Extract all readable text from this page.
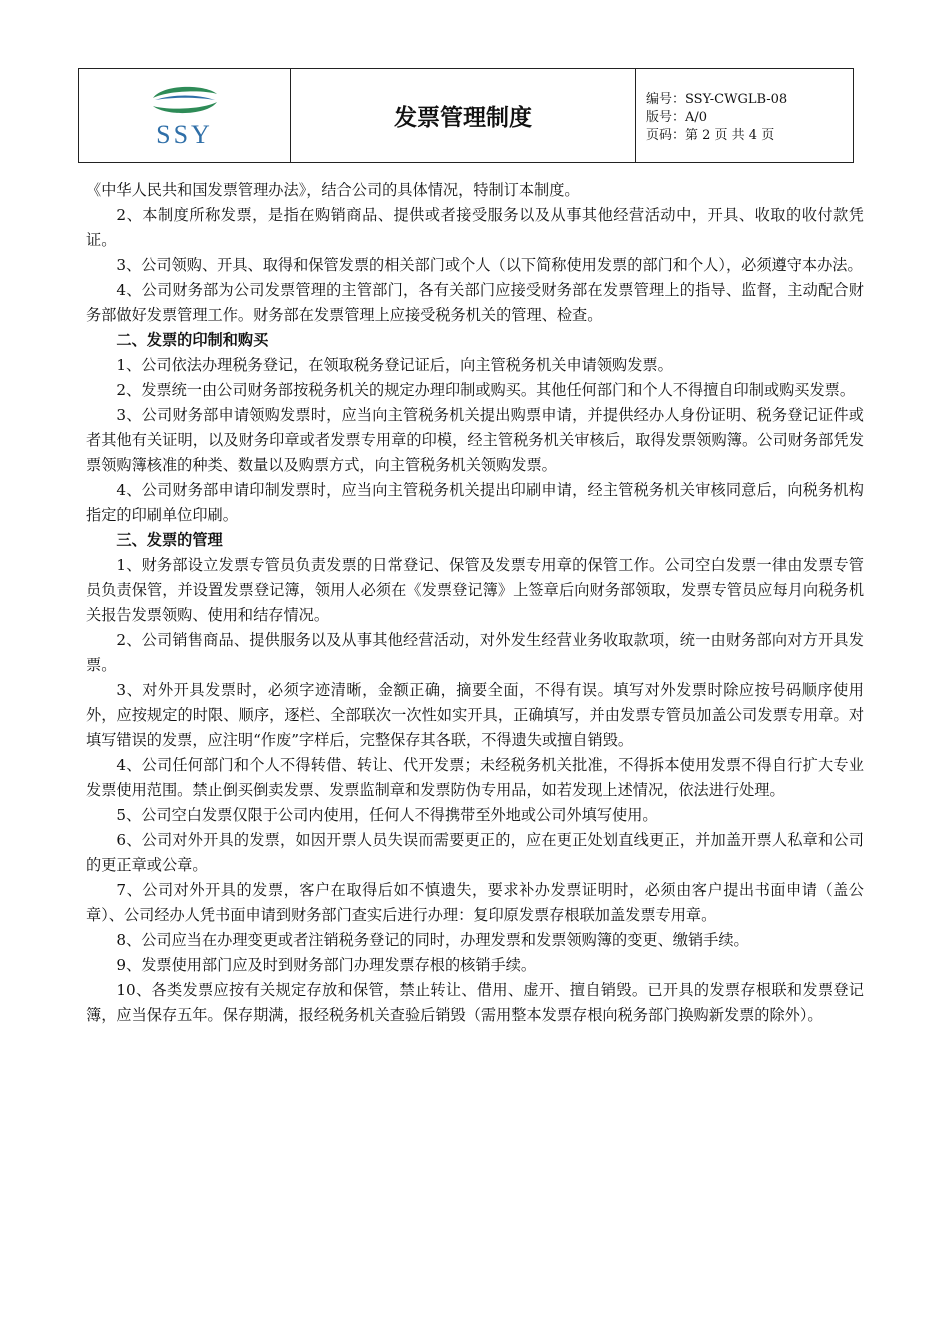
SSY
发票管理制度
编号：SSY-CWGLB-08
版号：A/0
页码：第 2 页 共 4 页

《中华人民共和国发票管理办法》，结合公司的具体情况，特制订本制度。

2、本制度所称发票，是指在购销商品、提供或者接受服务以及从事其他经营活动中，开具、收取的收付款凭证。

3、公司领购、开具、取得和保管发票的相关部门或个人（以下简称使用发票的部门和个人），必须遵守本办法。

4、公司财务部为公司发票管理的主管部门，各有关部门应接受财务部在发票管理上的指导、监督，主动配合财务部做好发票管理工作。财务部在发票管理上应接受税务机关的管理、检查。

二、发票的印制和购买

1、公司依法办理税务登记，在领取税务登记证后，向主管税务机关申请领购发票。

2、发票统一由公司财务部按税务机关的规定办理印制或购买。其他任何部门和个人不得擅自印制或购买发票。

3、公司财务部申请领购发票时，应当向主管税务机关提出购票申请，并提供经办人身份证明、税务登记证件或者其他有关证明，以及财务印章或者发票专用章的印模，经主管税务机关审核后，取得发票领购簿。公司财务部凭发票领购簿核准的种类、数量以及购票方式，向主管税务机关领购发票。

4、公司财务部申请印制发票时，应当向主管税务机关提出印刷申请，经主管税务机关审核同意后，向税务机构指定的印刷单位印刷。

三、发票的管理

1、财务部设立发票专管员负责发票的日常登记、保管及发票专用章的保管工作。公司空白发票一律由发票专管员负责保管，并设置发票登记簿，领用人必须在《发票登记簿》上签章后向财务部领取，发票专管员应每月向税务机关报告发票领购、使用和结存情况。

2、公司销售商品、提供服务以及从事其他经营活动，对外发生经营业务收取款项，统一由财务部向对方开具发票。

3、对外开具发票时，必须字迹清晰，金额正确，摘要全面，不得有误。填写对外发票时除应按号码顺序使用外，应按规定的时限、顺序，逐栏、全部联次一次性如实开具，正确填写，并由发票专管员加盖公司发票专用章。对填写错误的发票，应注明“作废”字样后，完整保存其各联，不得遗失或擅自销毁。

4、公司任何部门和个人不得转借、转让、代开发票；未经税务机关批准，不得拆本使用发票不得自行扩大专业发票使用范围。禁止倒买倒卖发票、发票监制章和发票防伪专用品，如若发现上述情况，依法进行处理。

5、公司空白发票仅限于公司内使用，任何人不得携带至外地或公司外填写使用。

6、公司对外开具的发票，如因开票人员失误而需要更正的，应在更正处划直线更正，并加盖开票人私章和公司的更正章或公章。

7、公司对外开具的发票，客户在取得后如不慎遗失，要求补办发票证明时，必须由客户提出书面申请（盖公章）、公司经办人凭书面申请到财务部门查实后进行办理：复印原发票存根联加盖发票专用章。

8、公司应当在办理变更或者注销税务登记的同时，办理发票和发票领购簿的变更、缴销手续。

9、发票使用部门应及时到财务部门办理发票存根的核销手续。

10、各类发票应按有关规定存放和保管，禁止转让、借用、虚开、擅自销毁。已开具的发票存根联和发票登记簿，应当保存五年。保存期满，报经税务机关查验后销毁（需用整本发票存根向税务部门换购新发票的除外）。
